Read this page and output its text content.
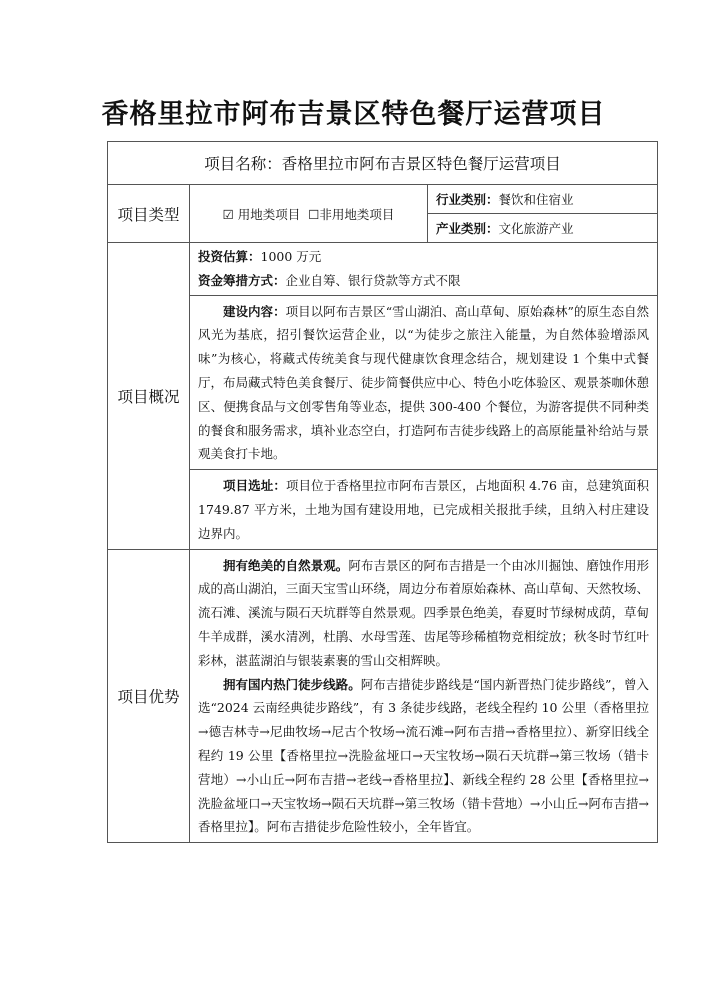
香格里拉市阿布吉景区特色餐厅运营项目
项目名称：香格里拉市阿布吉景区特色餐厅运营项目		
项目类型	☑ 用地类项目 ☐非用地类项目	行业类别：餐饮和住宿业
		产业类别：文化旅游产业
项目概况	投资估算：1000 万元
资金筹措方式：企业自筹、银行贷款等方式不限	

	建设内容：项目以阿布吉景区“雪山湖泊、高山草甸、原始森林”的原生态自然风光为基底，招引餐饮运营企业，以“为徒步之旅注入能量，为自然体验增添风味”为核心，将藏式传统美食与现代健康饮食理念结合，规划建设 1 个集中式餐厅，布局藏式特色美食餐厅、徒步简餐供应中心、特色小吃体验区、观景茶咖休憩区、便携食品与文创零售角等业态，提供 300-400 个餐位，为游客提供不同种类的餐食和服务需求，填补业态空白，打造阿布吉徒步线路上的高原能量补给站与景观美食打卡地。	
	项目选址：项目位于香格里拉市阿布吉景区，占地面积 4.76 亩，总建筑面积 1749.87 平方米，土地为国有建设用地，已完成相关报批手续，且纳入村庄建设边界内。	
项目优势	拥有绝美的自然景观。阿布吉景区的阿布吉措是一个由冰川掘蚀、磨蚀作用形成的高山湖泊，三面天宝雪山环绕，周边分布着原始森林、高山草甸、天然牧场、流石滩、溪流与陨石天坑群等自然景观。四季景色绝美，春夏时节绿树成荫，草甸牛羊成群，溪水清冽，杜鹃、水母雪莲、齿尾等珍稀植物竞相绽放；秋冬时节红叶彩林，湛蓝湖泊与银装素裹的雪山交相辉映。
拥有国内热门徒步线路。阿布吉措徒步路线是“国内新晋热门徒步路线”，曾入选“2024 云南经典徒步路线”，有 3 条徒步线路，老线全程约 10 公里（香格里拉→德吉林寺→尼曲牧场→尼古个牧场→流石滩→阿布吉措→香格里拉）、新穿旧线全程约 19 公里【香格里拉→洗脸盆垭口→天宝牧场→陨石天坑群→第三牧场（错卡营地）→小山丘→阿布吉措→老线→香格里拉】、新线全程约 28 公里【香格里拉→洗脸盆垭口→天宝牧场→陨石天坑群→第三牧场（错卡营地）→小山丘→阿布吉措→香格里拉】。阿布吉措徒步危险性较小，全年皆宜。	
